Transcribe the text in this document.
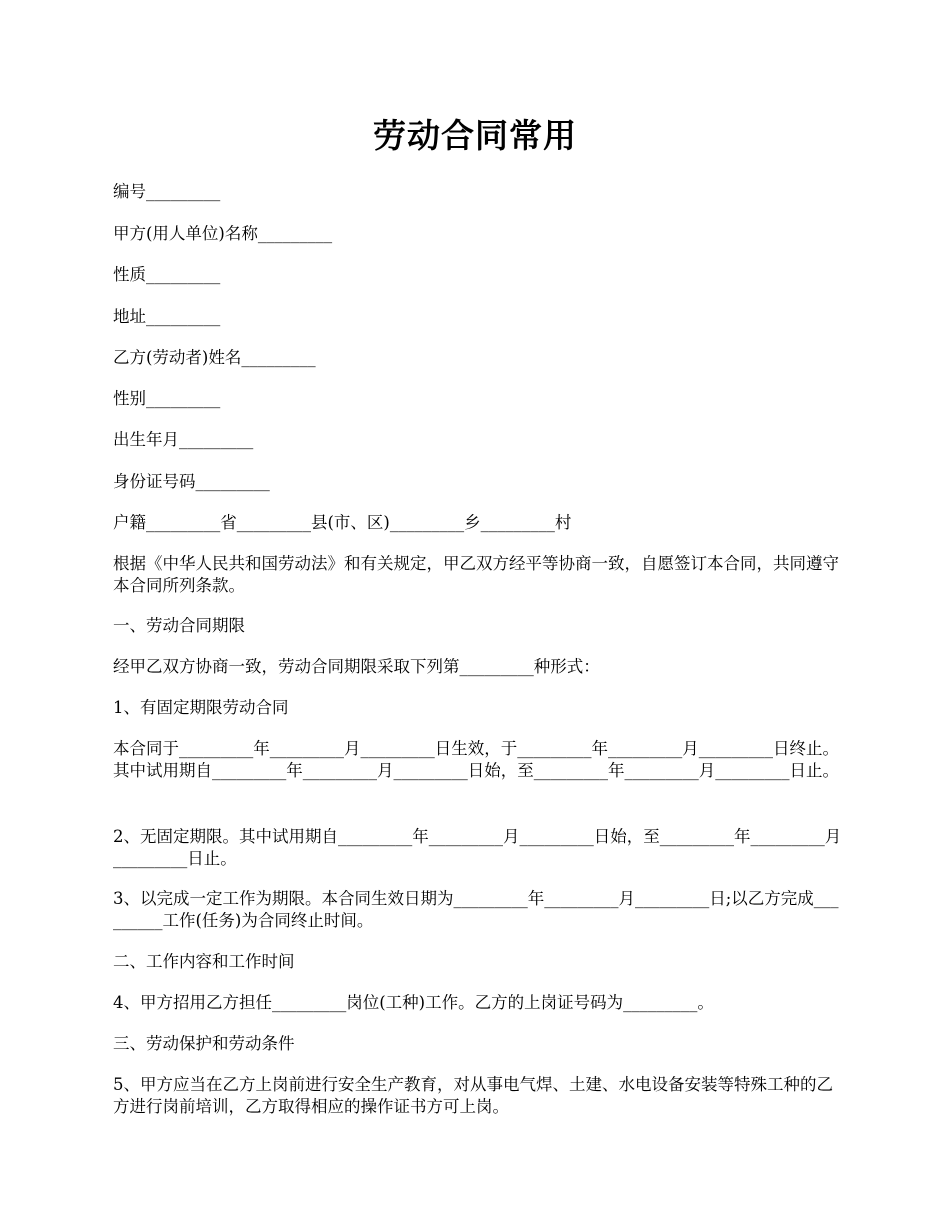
劳动合同常用
编号_________
甲方(用人单位)名称_________
性质_________
地址_________
乙方(劳动者)姓名_________
性别_________
出生年月_________
身份证号码_________
户籍_________省_________县(市、区)_________乡_________村
根据《中华人民共和国劳动法》和有关规定，甲乙双方经平等协商一致，自愿签订本合同，共同遵守本合同所列条款。
一、劳动合同期限
经甲乙双方协商一致，劳动合同期限采取下列第_________种形式：
1、有固定期限劳动合同
本合同于_________年_________月_________日生效，于_________年_________月_________日终止。其中试用期自_________年_________月_________日始，至_________年_________月_________日止。
2、无固定期限。其中试用期自_________年_________月_________日始，至_________年_________月_________日止。
3、以完成一定工作为期限。本合同生效日期为_________年_________月_________日;以乙方完成_________工作(任务)为合同终止时间。
二、工作内容和工作时间
4、甲方招用乙方担任_________岗位(工种)工作。乙方的上岗证号码为_________。
三、劳动保护和劳动条件
5、甲方应当在乙方上岗前进行安全生产教育，对从事电气焊、土建、水电设备安装等特殊工种的乙方进行岗前培训，乙方取得相应的操作证书方可上岗。
